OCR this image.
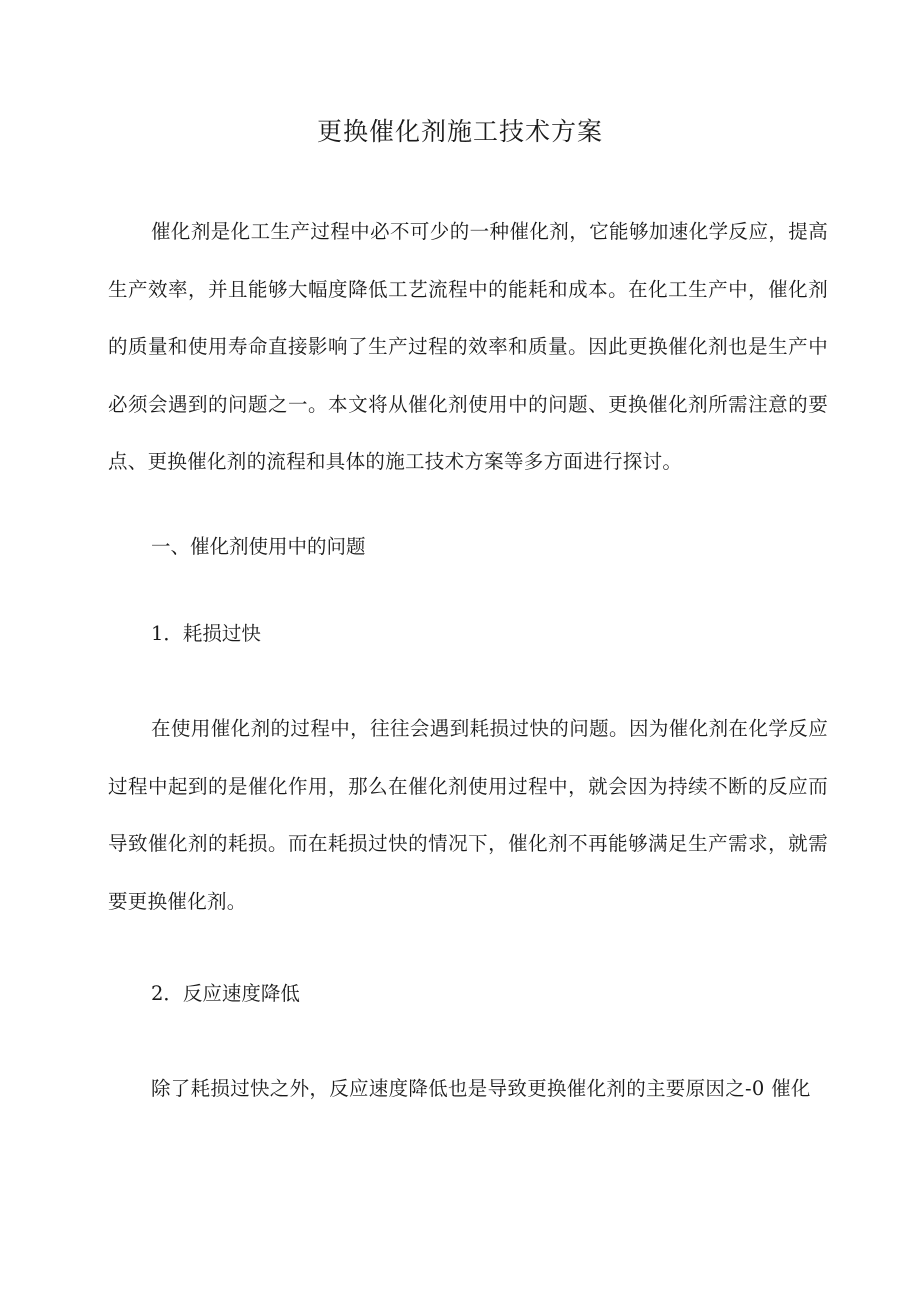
更换催化剂施工技术方案

催化剂是化工生产过程中必不可少的一种催化剂，它能够加速化学反应，提高生产效率，并且能够大幅度降低工艺流程中的能耗和成本。在化工生产中，催化剂的质量和使用寿命直接影响了生产过程的效率和质量。因此更换催化剂也是生产中必须会遇到的问题之一。本文将从催化剂使用中的问题、更换催化剂所需注意的要点、更换催化剂的流程和具体的施工技术方案等多方面进行探讨。

一、催化剂使用中的问题

1．耗损过快

在使用催化剂的过程中，往往会遇到耗损过快的问题。因为催化剂在化学反应过程中起到的是催化作用，那么在催化剂使用过程中，就会因为持续不断的反应而导致催化剂的耗损。而在耗损过快的情况下，催化剂不再能够满足生产需求，就需要更换催化剂。

2．反应速度降低

除了耗损过快之外，反应速度降低也是导致更换催化剂的主要原因之-0 催化
